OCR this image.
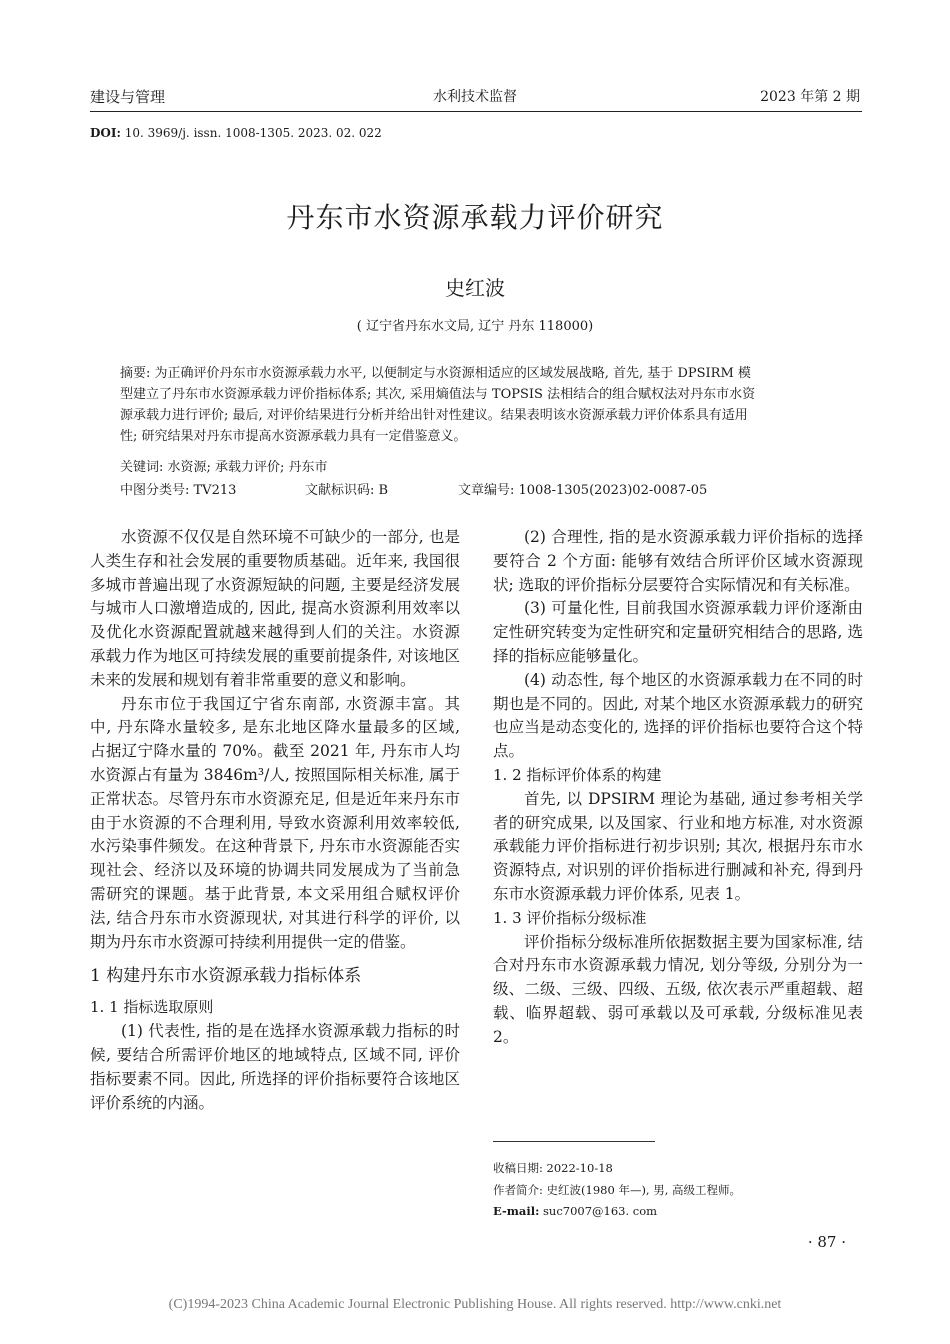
建设与管理	水利技术监督	2023 年第 2 期
DOI: 10. 3969/j. issn. 1008-1305. 2023. 02. 022
丹东市水资源承载力评价研究
史红波
( 辽宁省丹东水文局, 辽宁 丹东 118000)
摘要: 为正确评价丹东市水资源承载力水平, 以便制定与水资源相适应的区域发展战略, 首先, 基于 DPSIRM 模
型建立了丹东市水资源承载力评价指标体系; 其次, 采用熵值法与 TOPSIS 法相结合的组合赋权法对丹东市水资
源承载力进行评价; 最后, 对评价结果进行分析并给出针对性建议。结果表明该水资源承载力评价体系具有适用
性; 研究结果对丹东市提高水资源承载力具有一定借鉴意义。
关键词: 水资源; 承载力评价; 丹东市
中图分类号: TV213	文献标识码: B	文章编号: 1008-1305(2023)02-0087-05

水资源不仅仅是自然环境不可缺少的一部分, 也是人类生存和社会发展的重要物质基础。近年来, 我国很多城市普遍出现了水资源短缺的问题, 主要是经济发展与城市人口激增造成的, 因此, 提高水资源利用效率以及优化水资源配置就越来越得到人们的关注。水资源承载力作为地区可持续发展的重要前提条件, 对该地区未来的发展和规划有着非常重要的意义和影响。

丹东市位于我国辽宁省东南部, 水资源丰富。其中, 丹东降水量较多, 是东北地区降水量最多的区域, 占据辽宁降水量的 70%。截至 2021 年, 丹东市人均水资源占有量为 3846m³/人, 按照国际相关标准, 属于正常状态。尽管丹东市水资源充足, 但是近年来丹东市由于水资源的不合理利用, 导致水资源利用效率较低, 水污染事件频发。在这种背景下, 丹东市水资源能否实现社会、经济以及环境的协调共同发展成为了当前急需研究的课题。基于此背景, 本文采用组合赋权评价法, 结合丹东市水资源现状, 对其进行科学的评价, 以期为丹东市水资源可持续利用提供一定的借鉴。

1 构建丹东市水资源承载力指标体系
1. 1 指标选取原则

(1) 代表性, 指的是在选择水资源承载力指标的时候, 要结合所需评价地区的地域特点, 区域不同, 评价指标要素不同。因此, 所选择的评价指标要符合该地区评价系统的内涵。

(2) 合理性, 指的是水资源承载力评价指标的选择要符合 2 个方面: 能够有效结合所评价区域水资源现状; 选取的评价指标分层要符合实际情况和有关标准。

(3) 可量化性, 目前我国水资源承载力评价逐渐由定性研究转变为定性研究和定量研究相结合的思路, 选择的指标应能够量化。

(4) 动态性, 每个地区的水资源承载力在不同的时期也是不同的。因此, 对某个地区水资源承载力的研究也应当是动态变化的, 选择的评价指标也要符合这个特点。

1. 2 指标评价体系的构建

首先, 以 DPSIRM 理论为基础, 通过参考相关学者的研究成果, 以及国家、行业和地方标准, 对水资源承载能力评价指标进行初步识别; 其次, 根据丹东市水资源特点, 对识别的评价指标进行删减和补充, 得到丹东市水资源承载力评价体系, 见表 1。

1. 3 评价指标分级标准

评价指标分级标准所依据数据主要为国家标准, 结合对丹东市水资源承载力情况, 划分等级, 分别分为一级、二级、三级、四级、五级, 依次表示严重超载、超载、临界超载、弱可承载以及可承载, 分级标准见表 2。

收稿日期: 2022-10-18
作者简介: 史红波(1980 年—), 男, 高级工程师。
E-mail: suc7007@163. com
· 87 ·
(C)1994-2023 China Academic Journal Electronic Publishing House. All rights reserved. http://www.cnki.net
